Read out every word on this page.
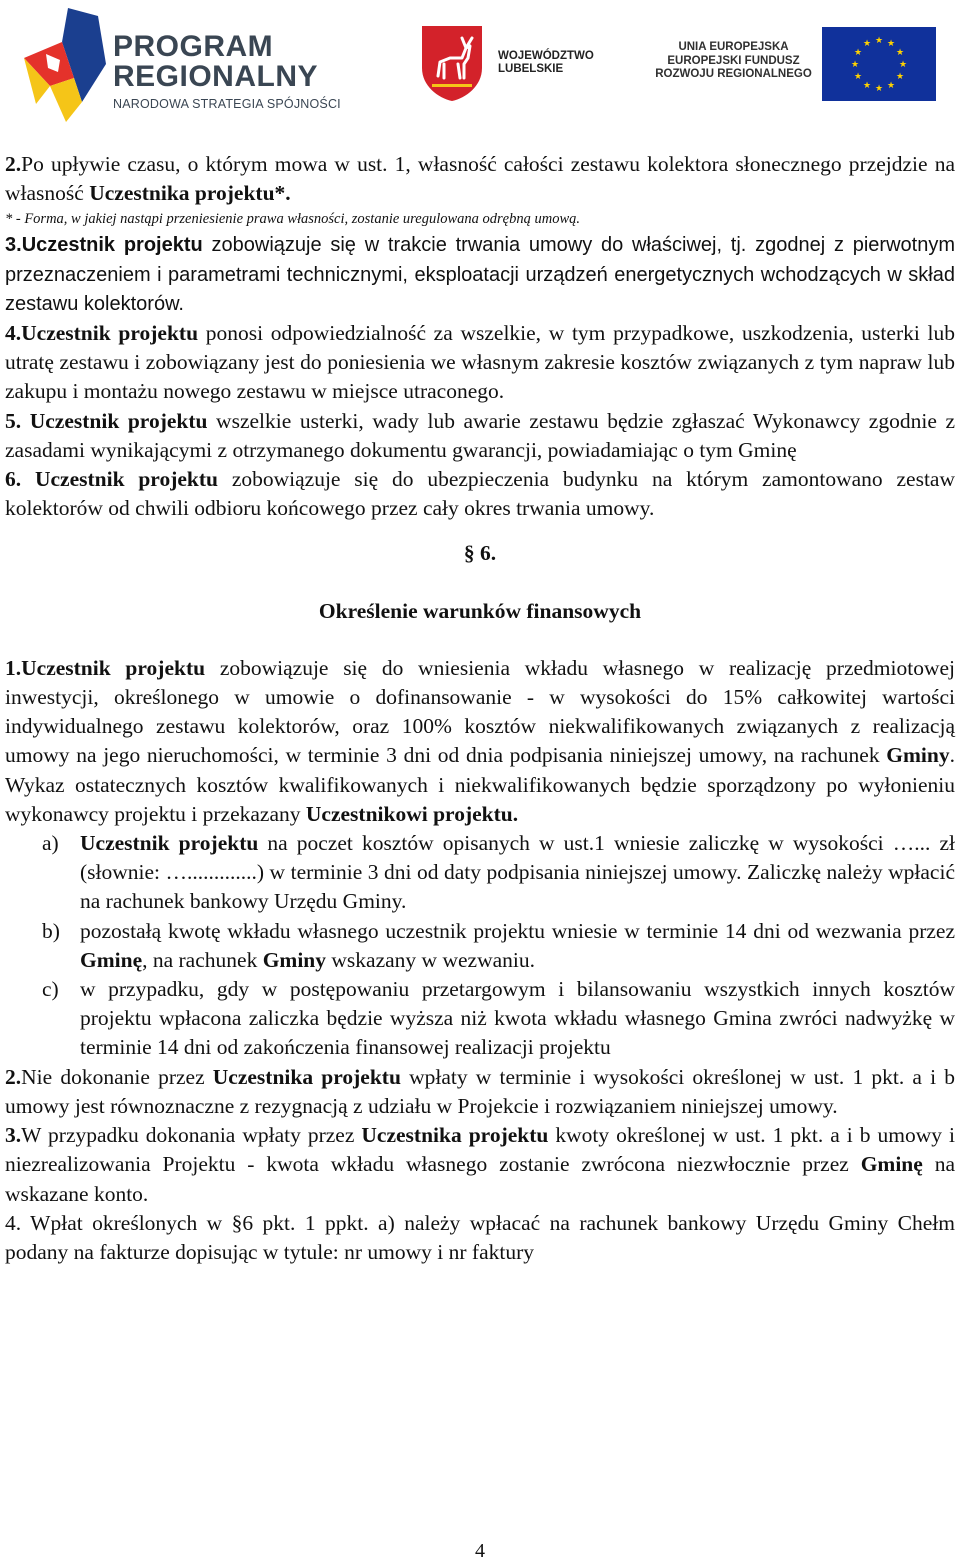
PROGRAM
REGIONALNY
NARODOWA STRATEGIA SPÓJNOŚCI
WOJEWÓDZTWO
LUBELSKIE
UNIA EUROPEJSKA
EUROPEJSKI FUNDUSZ
ROZWOJU REGIONALNEGO
★ ★
★
★
★
★
★
★
★
★
★
★

2.Po upływie czasu, o którym mowa w ust. 1, własność całości zestawu kolektora słonecznego przejdzie na własność Uczestnika projektu*.

* - Forma, w jakiej nastąpi przeniesienie prawa własności, zostanie uregulowana odrębną umową.

3.Uczestnik projektu zobowiązuje się w trakcie trwania umowy do właściwej, tj. zgodnej z pierwotnym przeznaczeniem i parametrami technicznymi, eksploatacji urządzeń energetycznych wchodzących w skład zestawu kolektorów.

4.Uczestnik projektu ponosi odpowiedzialność za wszelkie, w tym przypadkowe, uszkodzenia, usterki lub utratę zestawu i zobowiązany jest do poniesienia we własnym zakresie kosztów związanych z tym napraw lub zakupu i montażu nowego zestawu w miejsce utraconego.

5. Uczestnik projektu wszelkie usterki, wady lub awarie zestawu będzie zgłaszać Wykonawcy zgodnie z zasadami wynikającymi z otrzymanego dokumentu gwarancji, powiadamiając o tym Gminę

6. Uczestnik projektu zobowiązuje się do ubezpieczenia budynku na którym zamontowano zestaw kolektorów od chwili odbioru końcowego przez cały okres trwania umowy.

§ 6.

Określenie warunków finansowych

1.Uczestnik projektu zobowiązuje się do wniesienia wkładu własnego w realizację przedmiotowej inwestycji, określonego w umowie o dofinansowanie - w wysokości do 15% całkowitej wartości indywidualnego zestawu kolektorów, oraz 100% kosztów niekwalifikowanych związanych z realizacją umowy na jego nieruchomości, w terminie 3 dni od dnia podpisania niniejszej umowy, na rachunek Gminy. Wykaz ostatecznych kosztów kwalifikowanych i niekwalifikowanych będzie sporządzony po wyłonieniu wykonawcy projektu i przekazany Uczestnikowi projektu.

a) Uczestnik projektu na poczet kosztów opisanych w ust.1 wniesie zaliczkę w wysokości …... zł (słownie: ….............) w terminie 3 dni od daty podpisania niniejszej umowy. Zaliczkę należy wpłacić na rachunek bankowy Urzędu Gminy.

b) pozostałą kwotę wkładu własnego uczestnik projektu wniesie w terminie 14 dni od wezwania przez Gminę, na rachunek Gminy wskazany w wezwaniu.

c) w przypadku, gdy w postępowaniu przetargowym i bilansowaniu wszystkich innych kosztów projektu wpłacona zaliczka będzie wyższa niż kwota wkładu własnego Gmina zwróci nadwyżkę w terminie 14 dni od zakończenia finansowej realizacji projektu

2.Nie dokonanie przez Uczestnika projektu wpłaty w terminie i wysokości określonej w ust. 1 pkt. a i b umowy jest równoznaczne z rezygnacją z udziału w Projekcie i rozwiązaniem niniejszej umowy.

3.W przypadku dokonania wpłaty przez Uczestnika projektu kwoty określonej w ust. 1 pkt. a i b umowy i niezrealizowania Projektu - kwota wkładu własnego zostanie zwrócona niezwłocznie przez Gminę na wskazane konto.

4. Wpłat określonych w §6 pkt. 1 ppkt. a) należy wpłacać na rachunek bankowy Urzędu Gminy Chełm podany na fakturze dopisując w tytule: nr umowy i nr faktury

4
